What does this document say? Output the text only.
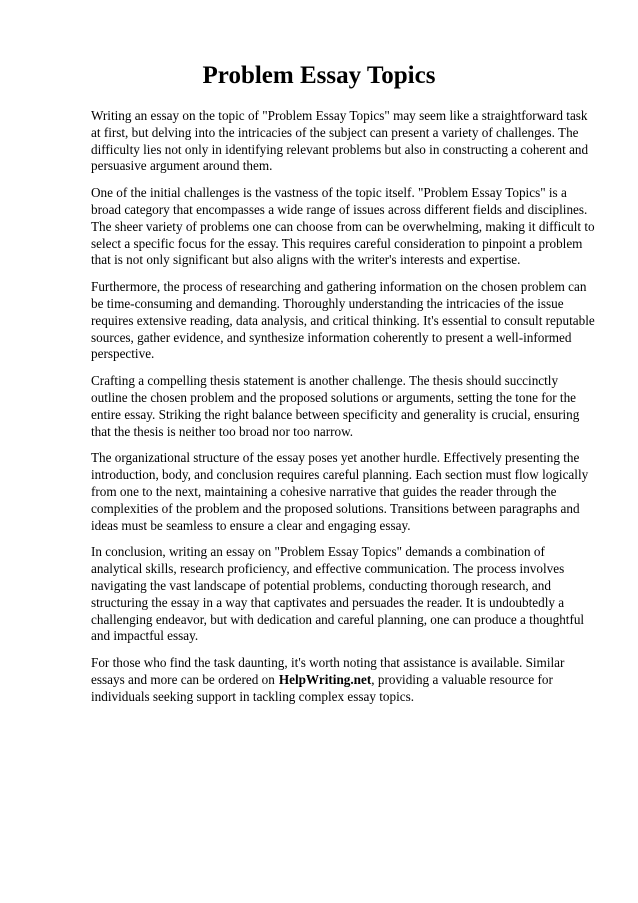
Problem Essay Topics

Writing an essay on the topic of "Problem Essay Topics" may seem like a straightforward task at first, but delving into the intricacies of the subject can present a variety of challenges. The difficulty lies not only in identifying relevant problems but also in constructing a coherent and persuasive argument around them.

One of the initial challenges is the vastness of the topic itself. "Problem Essay Topics" is a broad category that encompasses a wide range of issues across different fields and disciplines. The sheer variety of problems one can choose from can be overwhelming, making it difficult to select a specific focus for the essay. This requires careful consideration to pinpoint a problem that is not only significant but also aligns with the writer's interests and expertise.

Furthermore, the process of researching and gathering information on the chosen problem can be time-consuming and demanding. Thoroughly understanding the intricacies of the issue requires extensive reading, data analysis, and critical thinking. It's essential to consult reputable sources, gather evidence, and synthesize information coherently to present a well-informed perspective.

Crafting a compelling thesis statement is another challenge. The thesis should succinctly outline the chosen problem and the proposed solutions or arguments, setting the tone for the entire essay. Striking the right balance between specificity and generality is crucial, ensuring that the thesis is neither too broad nor too narrow.

The organizational structure of the essay poses yet another hurdle. Effectively presenting the introduction, body, and conclusion requires careful planning. Each section must flow logically from one to the next, maintaining a cohesive narrative that guides the reader through the complexities of the problem and the proposed solutions. Transitions between paragraphs and ideas must be seamless to ensure a clear and engaging essay.

In conclusion, writing an essay on "Problem Essay Topics" demands a combination of analytical skills, research proficiency, and effective communication. The process involves navigating the vast landscape of potential problems, conducting thorough research, and structuring the essay in a way that captivates and persuades the reader. It is undoubtedly a challenging endeavor, but with dedication and careful planning, one can produce a thoughtful and impactful essay.

For those who find the task daunting, it's worth noting that assistance is available. Similar essays and more can be ordered on HelpWriting.net, providing a valuable resource for individuals seeking support in tackling complex essay topics.
